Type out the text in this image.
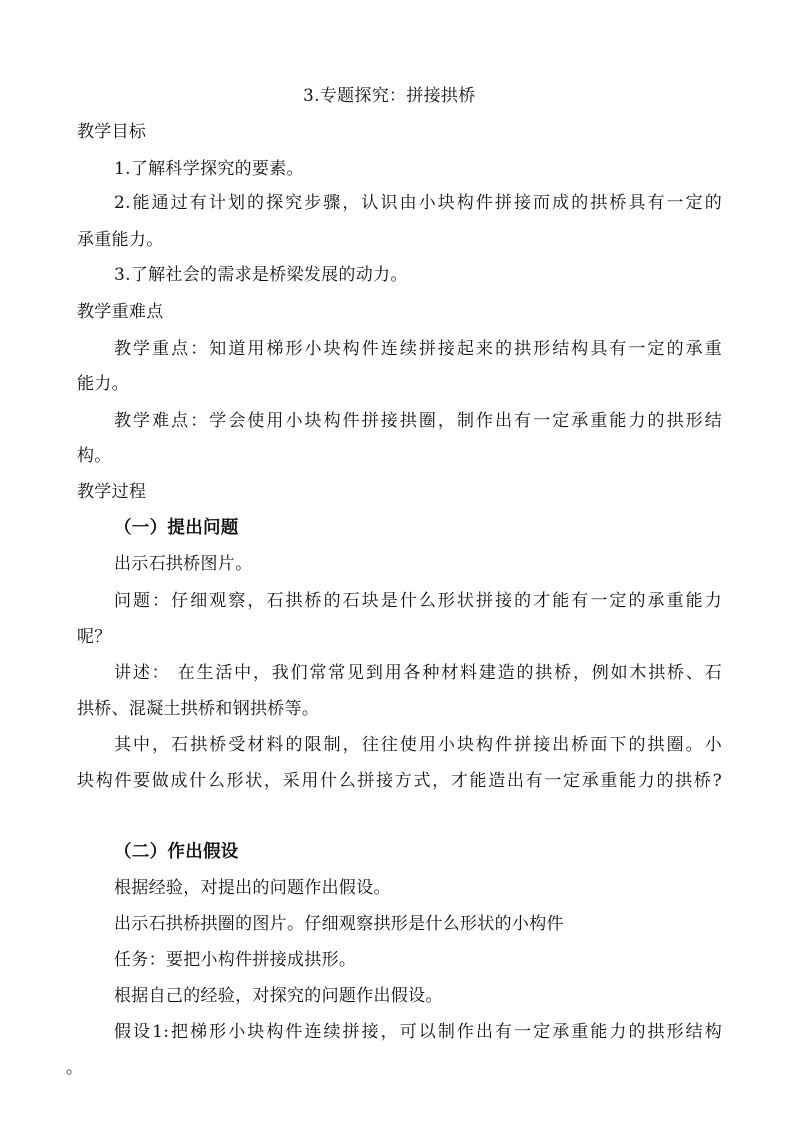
3.专题探究：拼接拱桥
教学目标
1.了解科学探究的要素。
2.能通过有计划的探究步骤，认识由小块构件拼接而成的拱桥具有一定的
承重能力。
3.了解社会的需求是桥梁发展的动力。
教学重难点
教学重点：知道用梯形小块构件连续拼接起来的拱形结构具有一定的承重
能力。
教学难点：学会使用小块构件拼接拱圈，制作出有一定承重能力的拱形结
构。
教学过程
（一）提出问题
出示石拱桥图片。
问题：仔细观察，石拱桥的石块是什么形状拼接的才能有一定的承重能力
呢？
讲述： 在生活中，我们常常见到用各种材料建造的拱桥，例如木拱桥、石
拱桥、混凝土拱桥和钢拱桥等。
其中，石拱桥受材料的限制，往往使用小块构件拼接出桥面下的拱圈。小
块构件要做成什么形状，采用什么拼接方式，才能造出有一定承重能力的拱桥?
（二）作出假设
根据经验，对提出的问题作出假设。
出示石拱桥拱圈的图片。仔细观察拱形是什么形状的小构件
任务：要把小构件拼接成拱形。
根据自己的经验，对探究的问题作出假设。
假设1:把梯形小块构件连续拼接，可以制作出有一定承重能力的拱形结构
。
